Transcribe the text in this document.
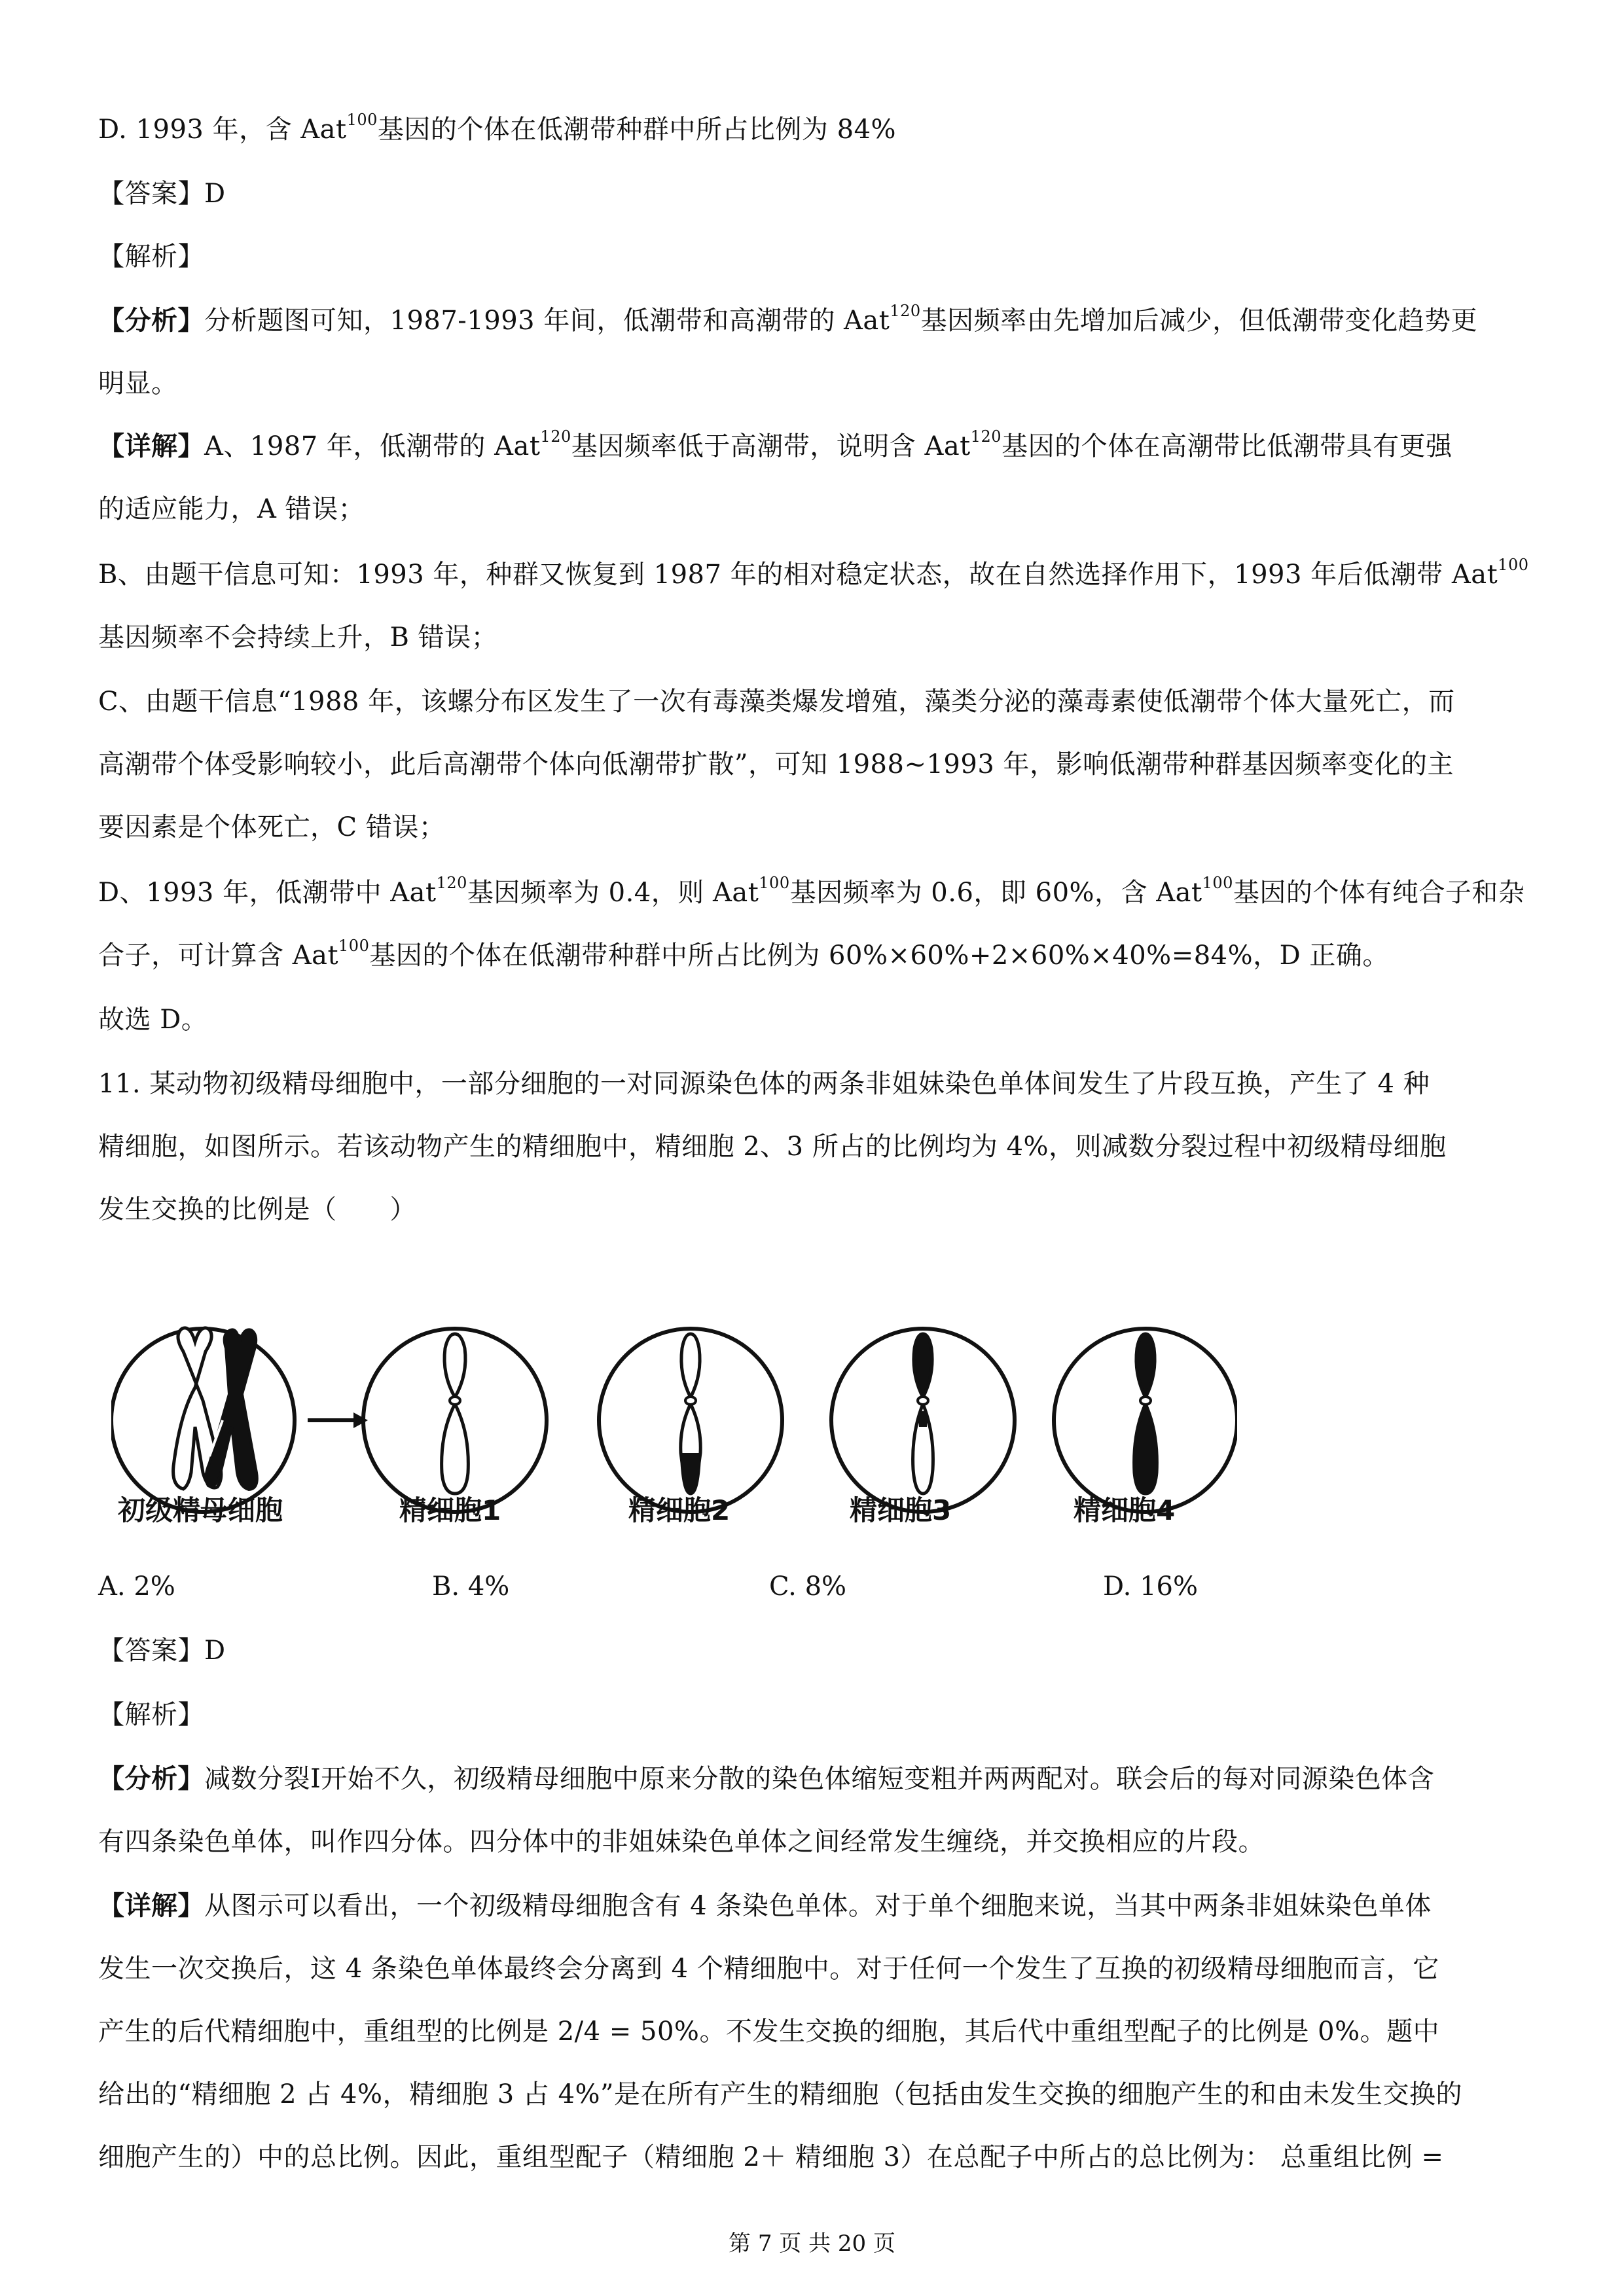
D. 1993 年，含 Aat$^{100}$基因的个体在低潮带种群中所占比例为 84%
【答案】D
【解析】
【分析】分析题图可知，1987-1993 年间，低潮带和高潮带的 Aat$^{120}$基因频率由先增加后减少，但低潮带变化趋势更
明显。
【详解】A、1987 年，低潮带的 Aat$^{120}$基因频率低于高潮带，说明含 Aat$^{120}$基因的个体在高潮带比低潮带具有更强
的适应能力，A 错误；
B、由题干信息可知：1993 年，种群又恢复到 1987 年的相对稳定状态，故在自然选择作用下，1993 年后低潮带 Aat$^{100}$
基因频率不会持续上升，B 错误；
C、由题干信息“1988 年，该螺分布区发生了一次有毒藻类爆发增殖，藻类分泌的藻毒素使低潮带个体大量死亡，而
高潮带个体受影响较小，此后高潮带个体向低潮带扩散”，可知 1988~1993 年，影响低潮带种群基因频率变化的主
要因素是个体死亡，C 错误；
D、1993 年，低潮带中 Aat$^{120}$基因频率为 0.4，则 Aat$^{100}$基因频率为 0.6，即 60%，含 Aat$^{100}$基因的个体有纯合子和杂
合子，可计算含 Aat$^{100}$基因的个体在低潮带种群中所占比例为 60%×60%+2×60%×40%=84%，D 正确。
故选 D。
11. 某动物初级精母细胞中，一部分细胞的一对同源染色体的两条非姐妹染色单体间发生了片段互换，产生了 4 种
精细胞，如图所示。若该动物产生的精细胞中，精细胞 2、3 所占的比例均为 4%，则减数分裂过程中初级精母细胞
发生交换的比例是（　　）
初级精母细胞	精细胞1	精细胞2	精细胞3	精细胞4
A. 2%	B. 4%	C. 8%	D. 16%
【答案】D
【解析】
【分析】减数分裂I开始不久，初级精母细胞中原来分散的染色体缩短变粗并两两配对。联会后的每对同源染色体含
有四条染色单体，叫作四分体。四分体中的非姐妹染色单体之间经常发生缠绕，并交换相应的片段。
【详解】从图示可以看出，一个初级精母细胞含有 4 条染色单体。对于单个细胞来说，当其中两条非姐妹染色单体
发生一次交换后，这 4 条染色单体最终会分离到 4 个精细胞中。对于任何一个发生了互换的初级精母细胞而言，它
产生的后代精细胞中，重组型的比例是 2/4 = 50%。不发生交换的细胞，其后代中重组型配子的比例是 0%。题中
给出的“精细胞 2 占 4%，精细胞 3 占 4%”是在所有产生的精细胞（包括由发生交换的细胞产生的和由未发生交换的
细胞产生的）中的总比例。因此，重组型配子（精细胞 2＋ 精细胞 3）在总配子中所占的总比例为： 总重组比例 =
第 7 页 共 20 页
